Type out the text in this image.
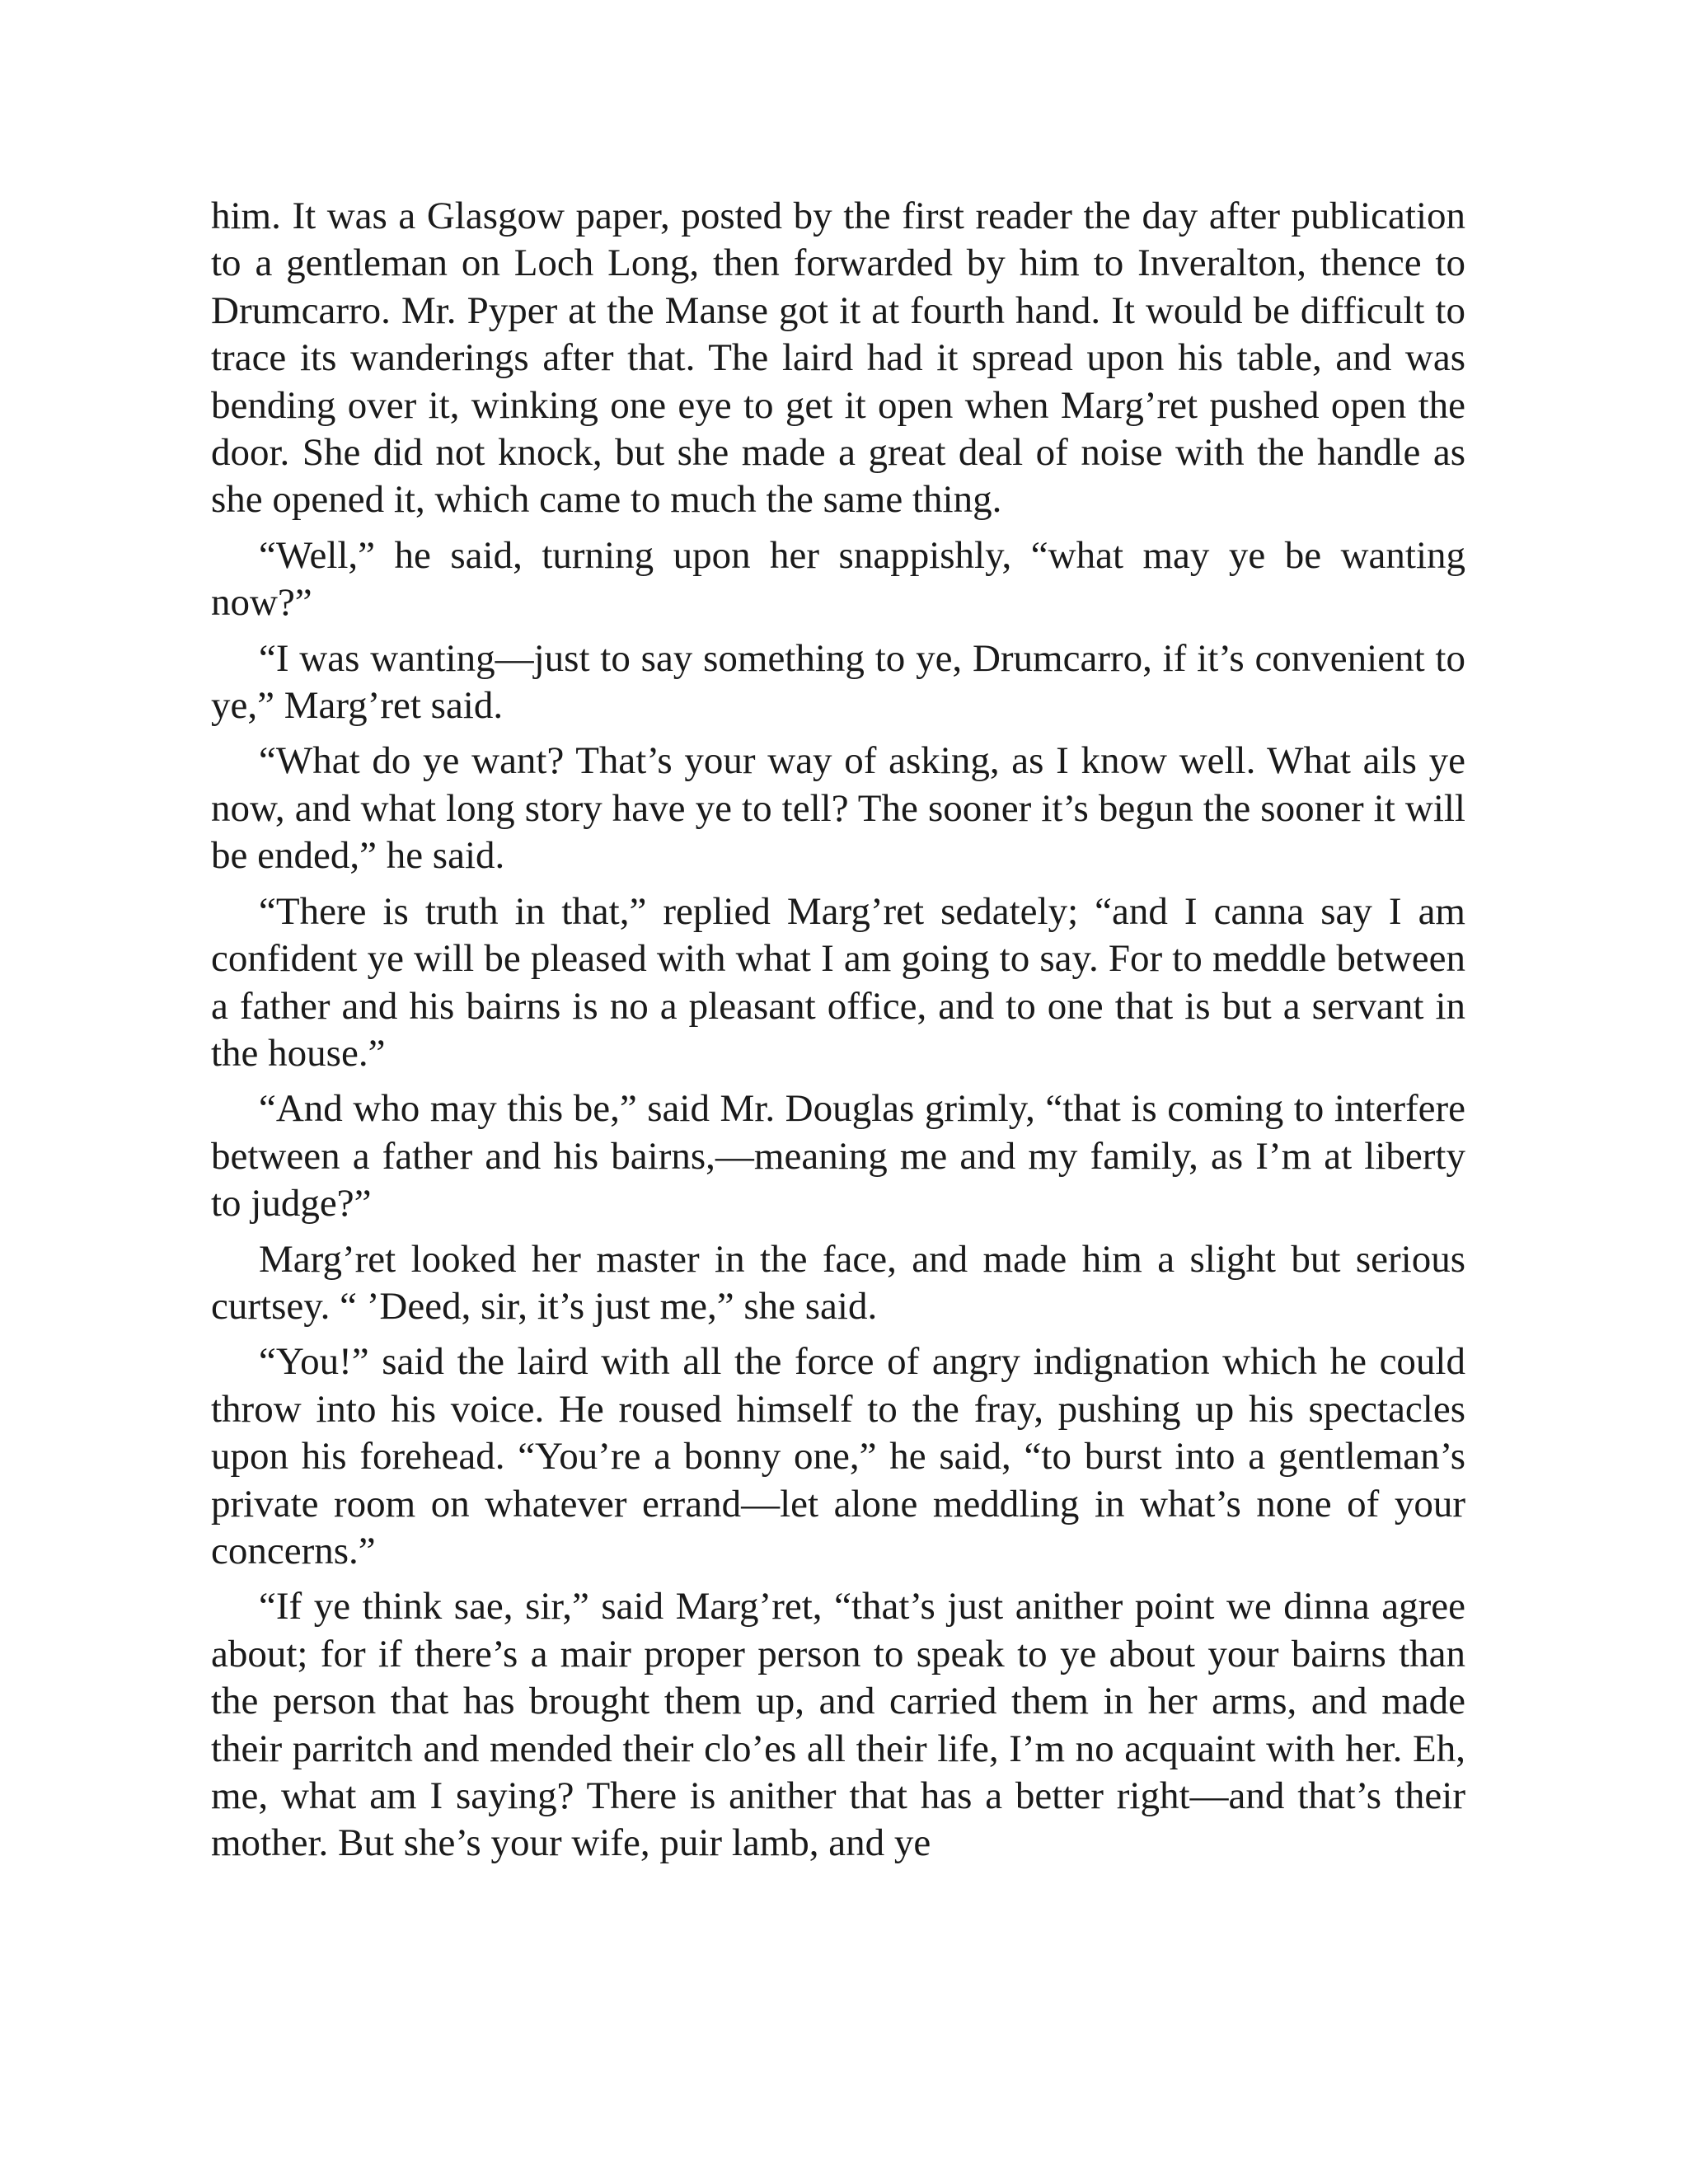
him. It was a Glasgow paper, posted by the first reader the day after publication to a gentleman on Loch Long, then forwarded by him to Inveralton, thence to Drumcarro. Mr. Pyper at the Manse got it at fourth hand. It would be difficult to trace its wanderings after that. The laird had it spread upon his table, and was bending over it, winking one eye to get it open when Marg’ret pushed open the door. She did not knock, but she made a great deal of noise with the handle as she opened it, which came to much the same thing.

“Well,” he said, turning upon her snappishly, “what may ye be wanting now?”

“I was wanting—just to say something to ye, Drumcarro, if it’s convenient to ye,” Marg’ret said.

“What do ye want? That’s your way of asking, as I know well. What ails ye now, and what long story have ye to tell? The sooner it’s begun the sooner it will be ended,” he said.

“There is truth in that,” replied Marg’ret sedately; “and I canna say I am confident ye will be pleased with what I am going to say. For to meddle between a father and his bairns is no a pleasant office, and to one that is but a servant in the house.”

“And who may this be,” said Mr. Douglas grimly, “that is coming to interfere between a father and his bairns,—meaning me and my family, as I’m at liberty to judge?”

Marg’ret looked her master in the face, and made him a slight but serious curtsey. “ ’Deed, sir, it’s just me,” she said.

“You!” said the laird with all the force of angry indignation which he could throw into his voice. He roused himself to the fray, pushing up his spectacles upon his forehead. “You’re a bonny one,” he said, “to burst into a gentleman’s private room on whatever errand—let alone meddling in what’s none of your concerns.”

“If ye think sae, sir,” said Marg’ret, “that’s just anither point we dinna agree about; for if there’s a mair proper person to speak to ye about your bairns than the person that has brought them up, and carried them in her arms, and made their parritch and mended their clo’es all their life, I’m no acquaint with her. Eh, me, what am I saying? There is anither that has a better right—and that’s their mother. But she’s your wife, puir lamb, and ye
